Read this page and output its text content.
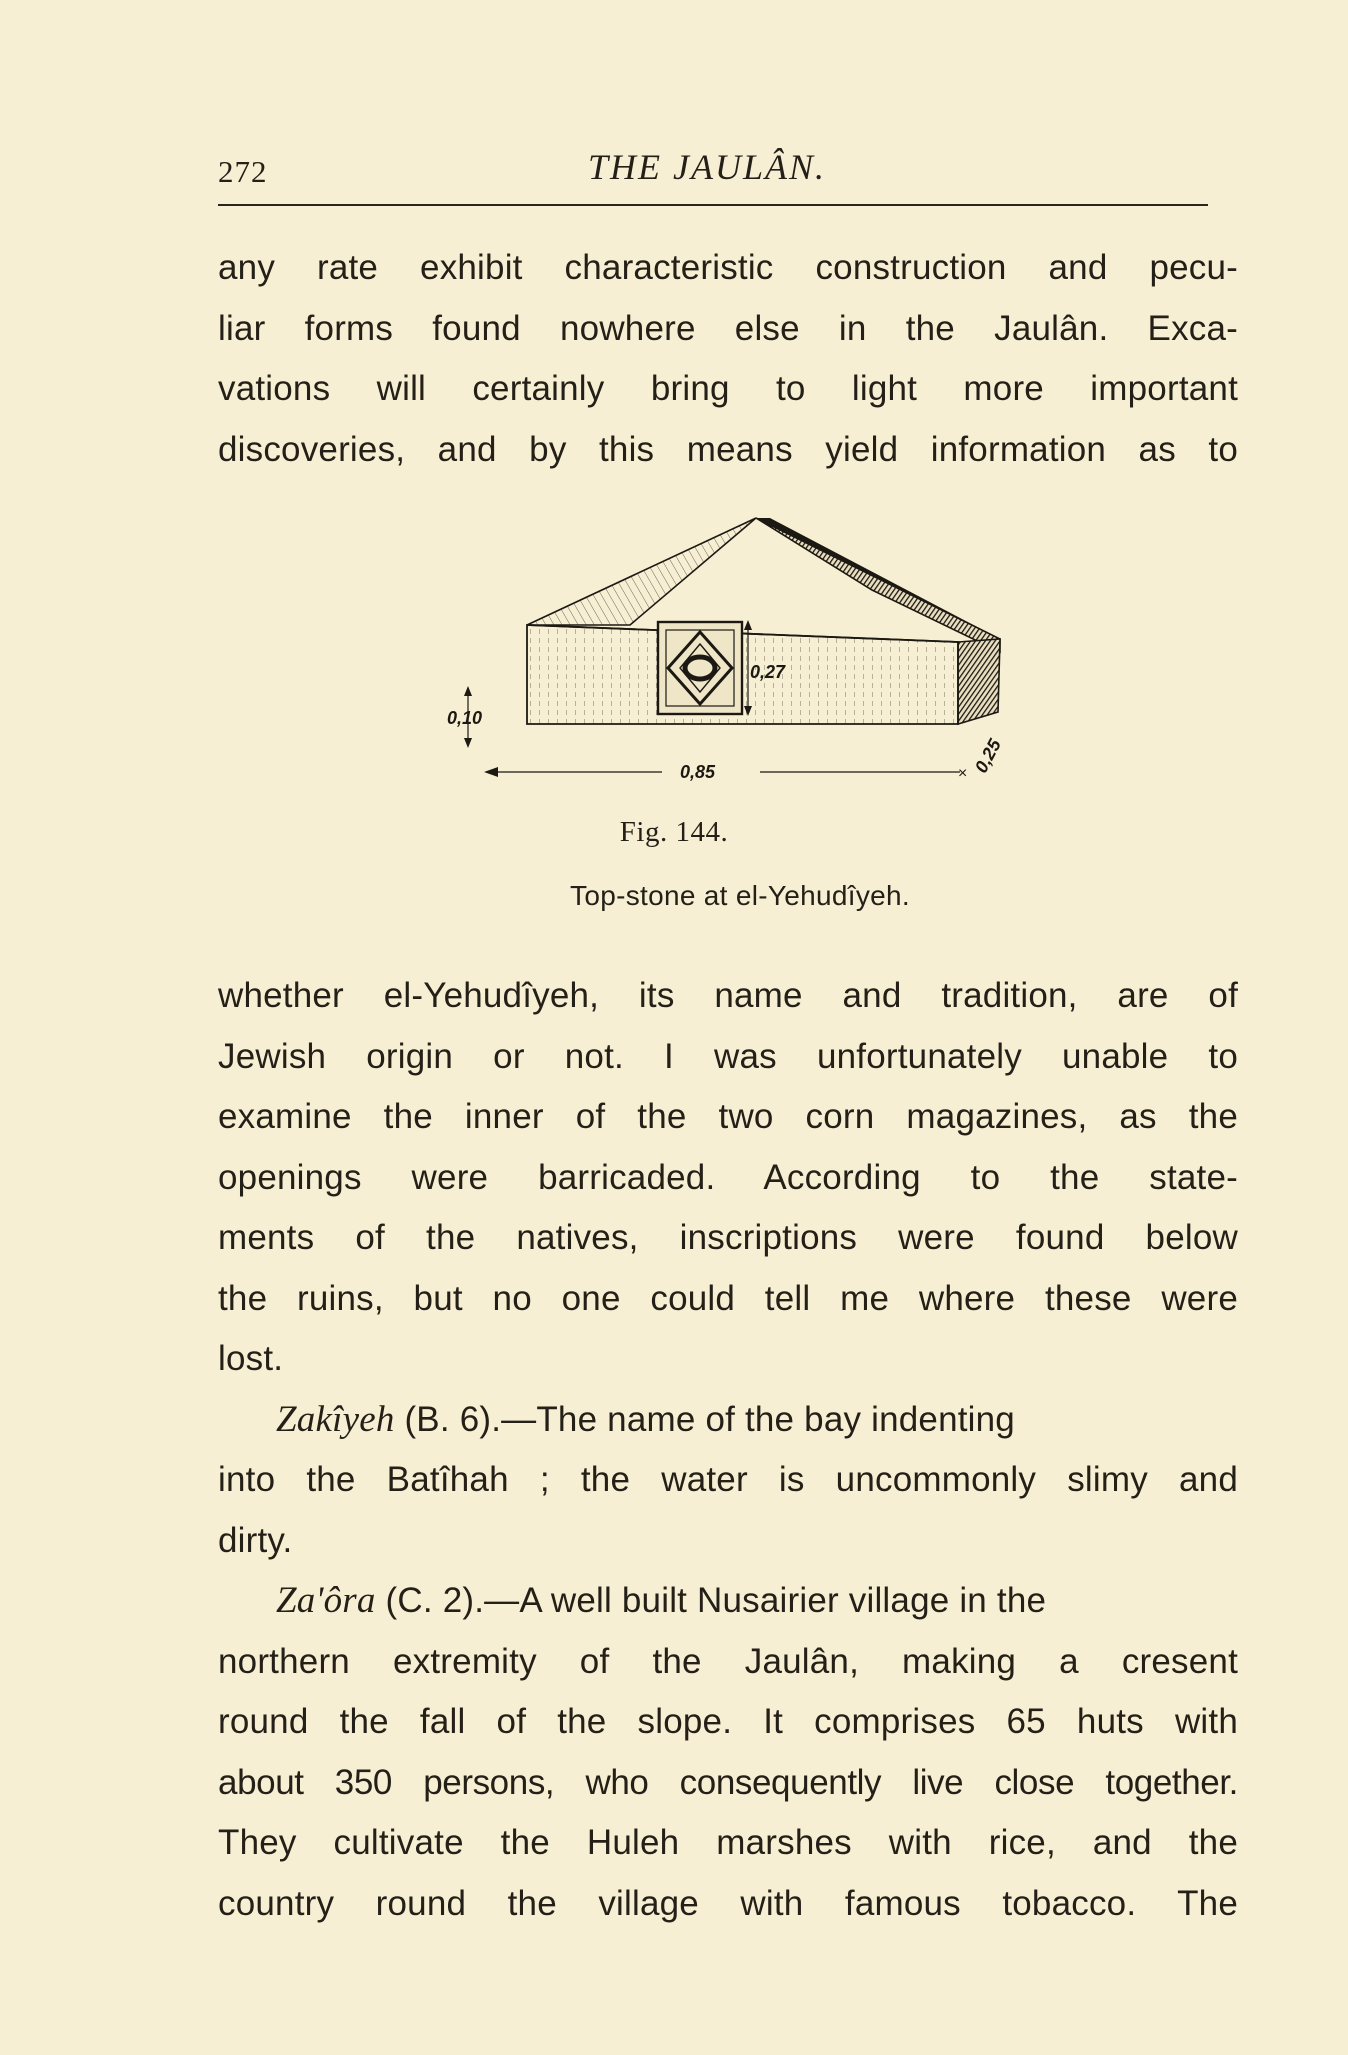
272	THE JAULÂN.
any rate exhibit characteristic construction and pecu-
liar forms found nowhere else in the Jaulân. Exca-
vations will certainly bring to light more important
discoveries, and by this means yield information as to
0,27
0,10
0,85	× 0,25
Fig. 144.
Top-stone at el-Yehudîyeh.
whether el-Yehudîyeh, its name and tradition, are of
Jewish origin or not. I was unfortunately unable to
examine the inner of the two corn magazines, as the
openings were barricaded. According to the state-
ments of the natives, inscriptions were found below
the ruins, but no one could tell me where these were
lost.
Zakîyeh (B. 6).—The name of the bay indenting
into the Batîhah ; the water is uncommonly slimy and
dirty.
Za'ôra (C. 2).—A well built Nusairier village in the
northern extremity of the Jaulân, making a cresent
round the fall of the slope. It comprises 65 huts with
about 350 persons, who consequently live close together.
They cultivate the Huleh marshes with rice, and the
country round the village with famous tobacco. The
